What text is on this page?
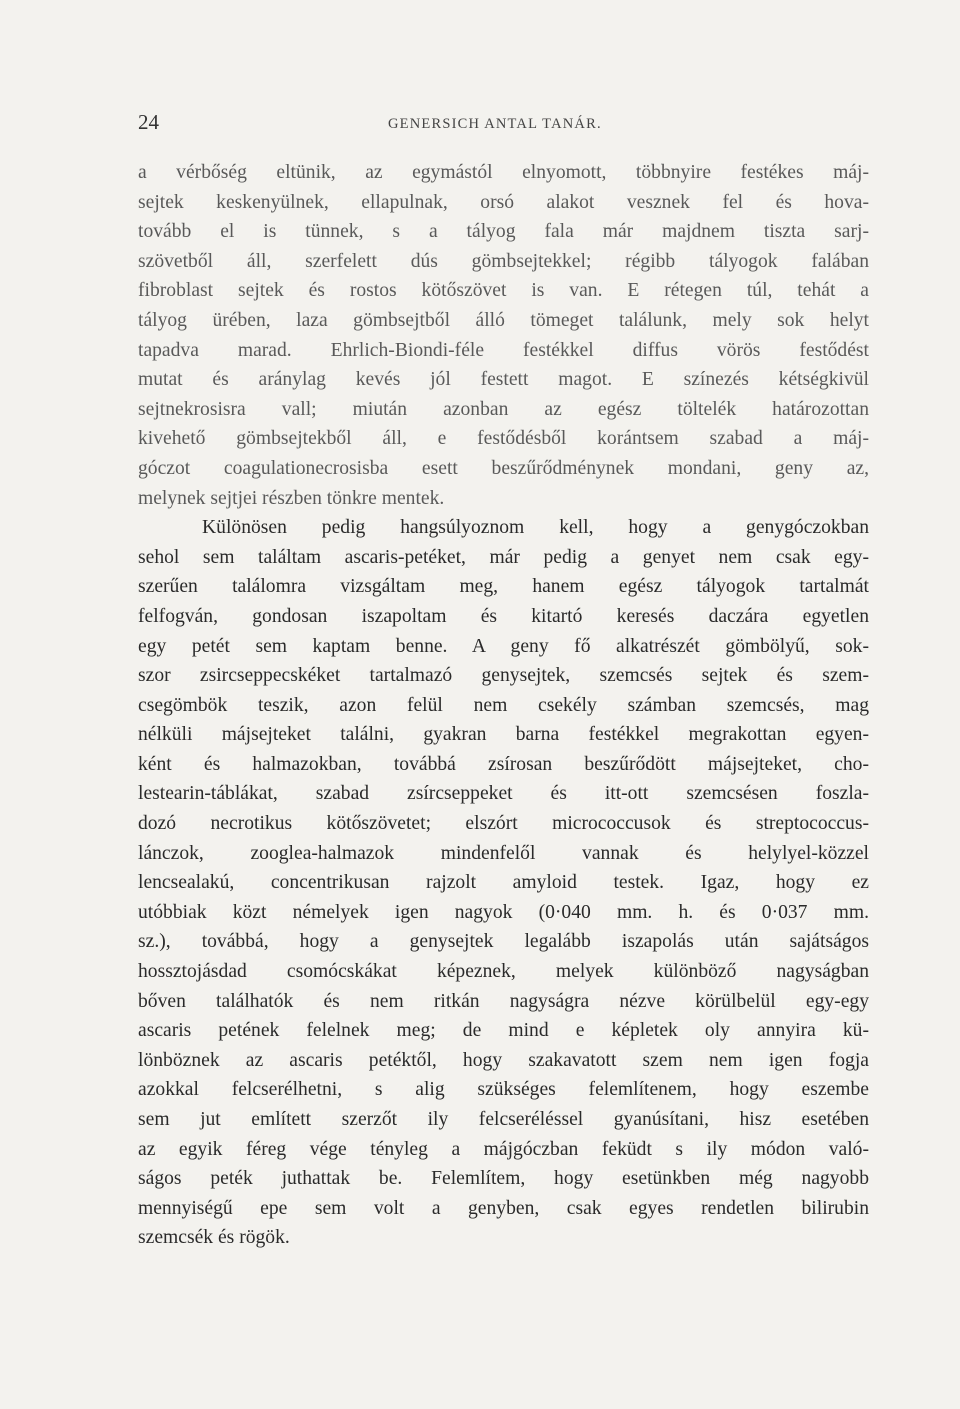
24	GENERSICH ANTAL TANÁR.
a vérbőség eltünik, az egymástól elnyomott, többnyire festékes máj-
sejtek keskenyülnek, ellapulnak, orsó alakot vesznek fel és hova-
tovább el is tünnek, s a tályog fala már majdnem tiszta sarj-
szövetből áll, szerfelett dús gömbsejtekkel; régibb tályogok falában
fibroblast sejtek és rostos kötőszövet is van. E rétegen túl, tehát a
tályog ürében, laza gömbsejtből álló tömeget találunk, mely sok helyt
tapadva marad. Ehrlich-Biondi-féle festékkel diffus vörös festődést
mutat és aránylag kevés jól festett magot. E színezés kétségkivül
sejtnekrosisra vall; miután azonban az egész töltelék határozottan
kivehető gömbsejtekből áll, e festődésből korántsem szabad a máj-
góczot coagulationecrosisba esett beszűrődménynek mondani, geny az,
melynek sejtjei részben tönkre mentek.
Különösen pedig hangsúlyoznom kell, hogy a genygóczokban
sehol sem találtam ascaris-petéket, már pedig a genyet nem csak egy-
szerűen találomra vizsgáltam meg, hanem egész tályogok tartalmát
felfogván, gondosan iszapoltam és kitartó keresés daczára egyetlen
egy petét sem kaptam benne. A geny fő alkatrészét gömbölyű, sok-
szor zsircseppecskéket tartalmazó genysejtek, szemcsés sejtek és szem-
csegömbök teszik, azon felül nem csekély számban szemcsés, mag
nélküli májsejteket találni, gyakran barna festékkel megrakottan egyen-
ként és halmazokban, továbbá zsírosan beszűrődött májsejteket, cho-
lestearin-táblákat, szabad zsírcseppeket és itt-ott szemcsésen foszla-
dozó necrotikus kötőszövetet; elszórt micrococcusok és streptococcus-
lánczok, zooglea-halmazok mindenfelől vannak és helylyel-közzel
lencsealakú, concentrikusan rajzolt amyloid testek. Igaz, hogy ez
utóbbiak közt némelyek igen nagyok (0·040 mm. h. és 0·037 mm.
sz.), továbbá, hogy a genysejtek legalább iszapolás után sajátságos
hossztojásdad csomócskákat képeznek, melyek különböző nagyságban
bőven találhatók és nem ritkán nagyságra nézve körülbelül egy-egy
ascaris petének felelnek meg; de mind e képletek oly annyira kü-
lönböznek az ascaris petéktől, hogy szakavatott szem nem igen fogja
azokkal felcserélhetni, s alig szükséges felemlítenem, hogy eszembe
sem jut említett szerzőt ily felcseréléssel gyanúsítani, hisz esetében
az egyik féreg vége tényleg a májgóczban feküdt s ily módon való-
ságos peték juthattak be. Felemlítem, hogy esetünkben még nagyobb
mennyiségű epe sem volt a genyben, csak egyes rendetlen bilirubin
szemcsék és rögök.
